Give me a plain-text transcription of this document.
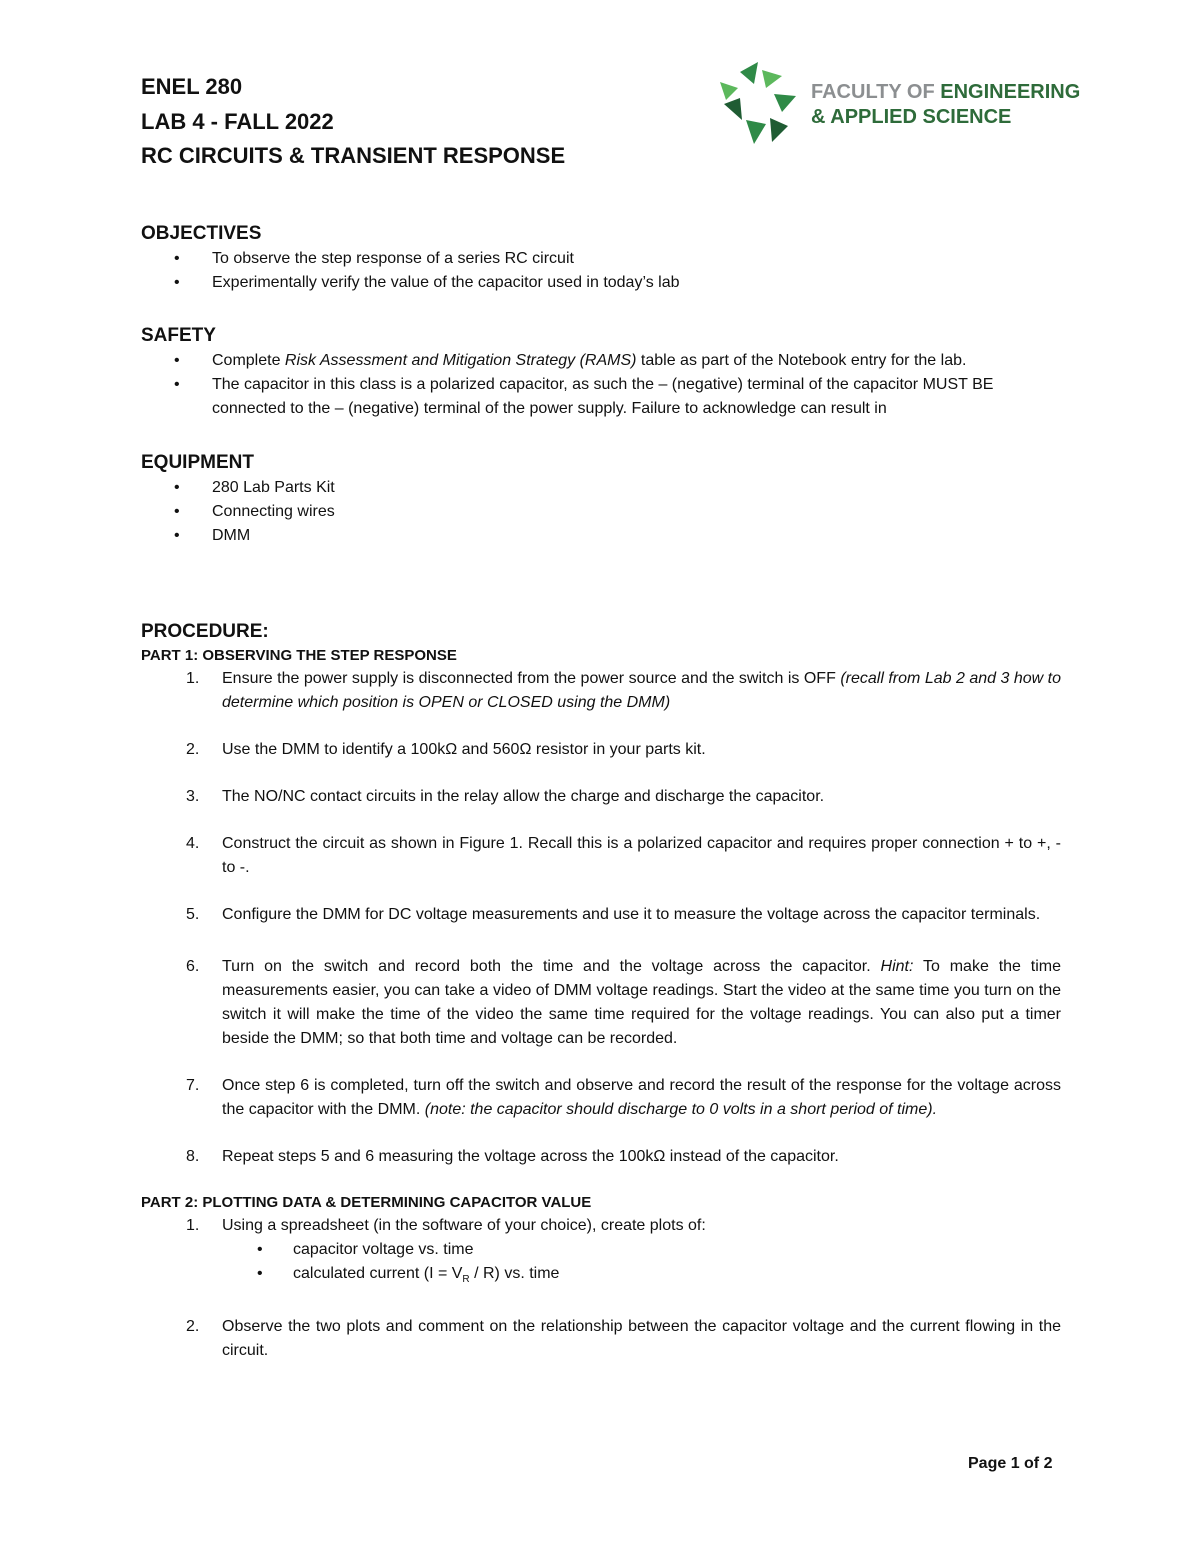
ENEL 280
LAB 4 - FALL 2022
RC CIRCUITS & TRANSIENT RESPONSE
FACULTY OF ENGINEERING
& APPLIED SCIENCE
OBJECTIVES
• To observe the step response of a series RC circuit
• Experimentally verify the value of the capacitor used in today’s lab
SAFETY
• Complete Risk Assessment and Mitigation Strategy (RAMS) table as part of the Notebook entry for the lab.
• The capacitor in this class is a polarized capacitor, as such the – (negative) terminal of the capacitor MUST BE connected to the – (negative) terminal of the power supply. Failure to acknowledge can result in
EQUIPMENT
• 280 Lab Parts Kit
• Connecting wires
• DMM
PROCEDURE:
PART 1: OBSERVING THE STEP RESPONSE
1. Ensure the power supply is disconnected from the power source and the switch is OFF (recall from Lab 2 and 3 how to determine which position is OPEN or CLOSED using the DMM)
2. Use the DMM to identify a 100kΩ and 560Ω resistor in your parts kit.
3. The NO/NC contact circuits in the relay allow the charge and discharge the capacitor.
4. Construct the circuit as shown in Figure 1. Recall this is a polarized capacitor and requires proper connection + to +, - to -.
5. Configure the DMM for DC voltage measurements and use it to measure the voltage across the capacitor terminals.
6. Turn on the switch and record both the time and the voltage across the capacitor. Hint: To make the time measurements easier, you can take a video of DMM voltage readings. Start the video at the same time you turn on the switch it will make the time of the video the same time required for the voltage readings. You can also put a timer beside the DMM; so that both time and voltage can be recorded.
7. Once step 6 is completed, turn off the switch and observe and record the result of the response for the voltage across the capacitor with the DMM. (note: the capacitor should discharge to 0 volts in a short period of time).
8. Repeat steps 5 and 6 measuring the voltage across the 100kΩ instead of the capacitor.
PART 2: PLOTTING DATA & DETERMINING CAPACITOR VALUE
1. Using a spreadsheet (in the software of your choice), create plots of:
• capacitor voltage vs. time
• calculated current $(I = V_R / R)$ vs. time
2. Observe the two plots and comment on the relationship between the capacitor voltage and the current flowing in the circuit.
Page 1 of 2
